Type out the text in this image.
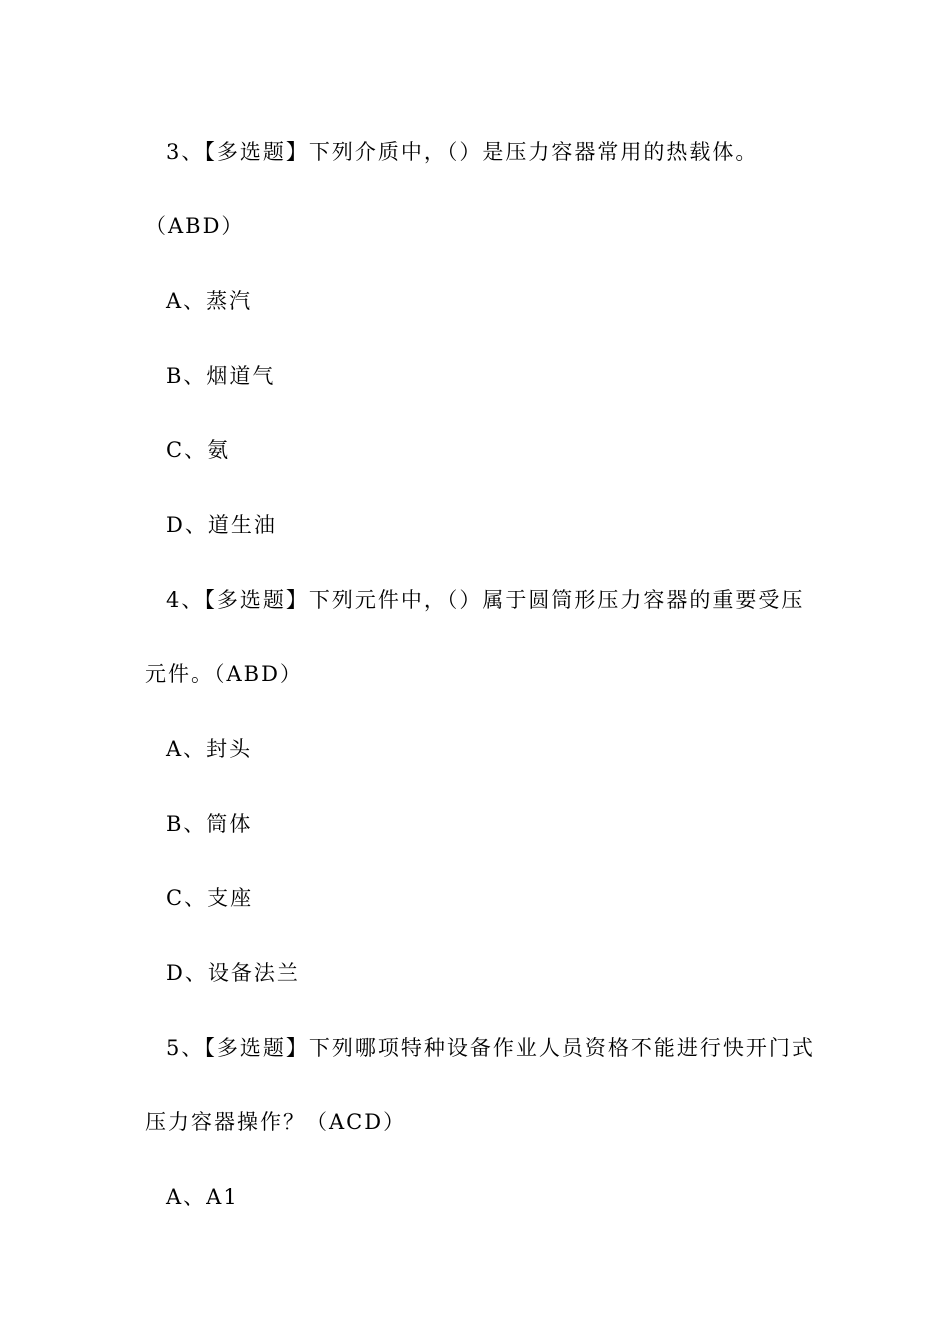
3、【多选题】下列介质中，（）是压力容器常用的热载体。
（ABD）
A、蒸汽
B、烟道气
C、氨
D、道生油
4、【多选题】下列元件中，（）属于圆筒形压力容器的重要受压
元件。（ABD）
A、封头
B、筒体
C、支座
D、设备法兰
5、【多选题】下列哪项特种设备作业人员资格不能进行快开门式
压力容器操作？（ACD）
A、A1
